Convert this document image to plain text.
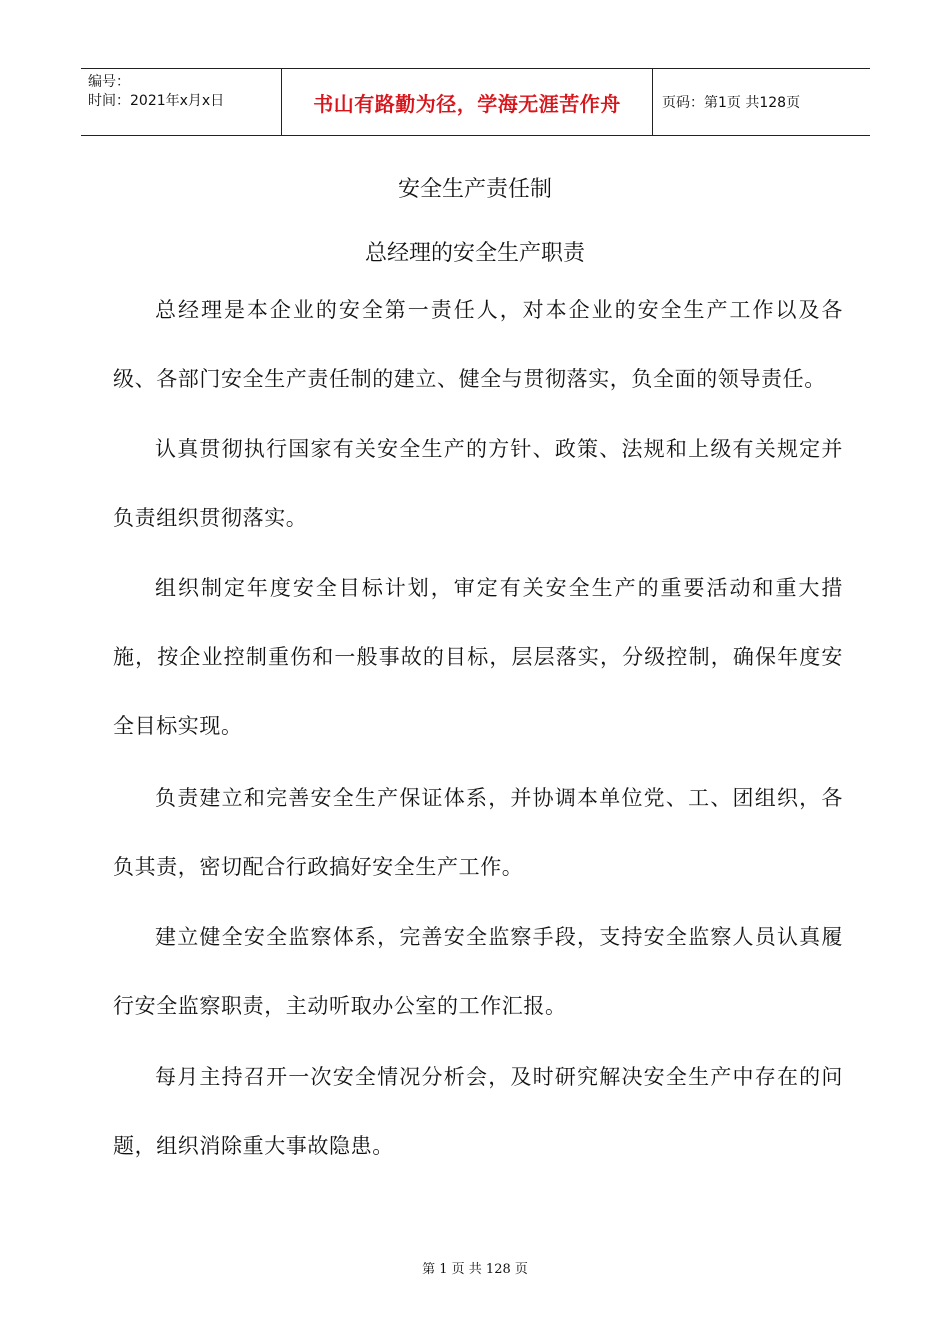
编号：
时间：2021年x月x日	书山有路勤为径，学海无涯苦作舟	页码：第1页 共128页
安全生产责任制
总经理的安全生产职责

总经理是本企业的安全第一责任人，对本企业的安全生产工作以及各级、各部门安全生产责任制的建立、健全与贯彻落实，负全面的领导责任。

认真贯彻执行国家有关安全生产的方针、政策、法规和上级有关规定并负责组织贯彻落实。

组织制定年度安全目标计划，审定有关安全生产的重要活动和重大措施，按企业控制重伤和一般事故的目标，层层落实，分级控制，确保年度安全目标实现。

负责建立和完善安全生产保证体系，并协调本单位党、工、团组织，各负其责，密切配合行政搞好安全生产工作。

建立健全安全监察体系，完善安全监察手段，支持安全监察人员认真履行安全监察职责，主动听取办公室的工作汇报。

每月主持召开一次安全情况分析会，及时研究解决安全生产中存在的问题，组织消除重大事故隐患。

第 1 页 共 128 页
